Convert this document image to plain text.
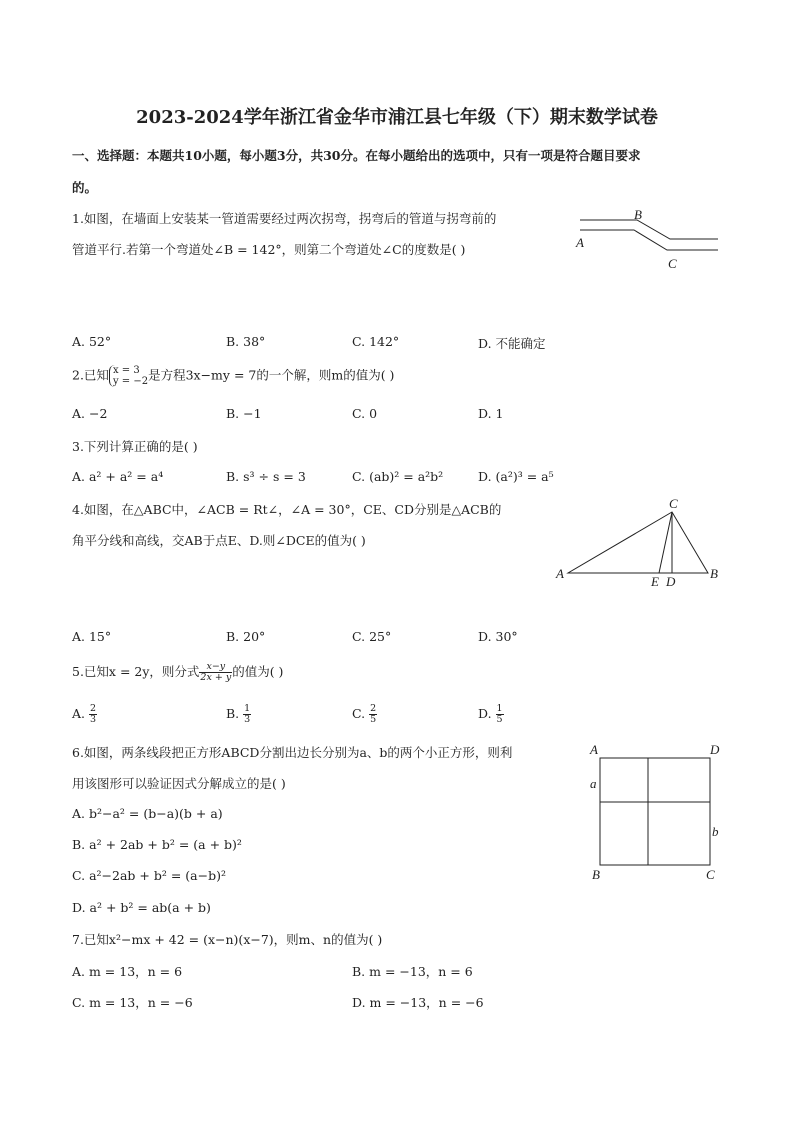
2023-2024学年浙江省金华市浦江县七年级（下）期末数学试卷
一、选择题：本题共10小题，每小题3分，共30分。在每小题给出的选项中，只有一项是符合题目要求
的。
1.如图，在墙面上安装某一管道需要经过两次拐弯，拐弯后的管道与拐弯前的
管道平行.若第一个弯道处∠B = 142°，则第二个弯道处∠C的度数是( )	A
B
C
A. 52°	B. 38°	C. 142°	D. 不能确定
2.已知 x = 3
y = −2 是方程3x−my = 7的一个解，则m的值为( )
A. −2	B. −1	C. 0	D. 1
3.下列计算正确的是( )
A. a² + a² = a⁴	B. s³ ÷ s = 3	C. (ab)² = a²b²	D. (a²)³ = a⁵
4.如图，在△ABC中，∠ACB = Rt∠，∠A = 30°，CE、CD分别是△ACB的
角平分线和高线，交AB于点E、D.则∠DCE的值为( )
A	B
C
E D
A. 15°	B. 20°	C. 25°	D. 30°
5.已知x = 2y，则分式 $\frac{x-y}{2x + y}$ 的值为( )
A. $\frac{2}{3}$	B. $\frac{1}{3}$	C. $\frac{2}{5}$	D. $\frac{1}{5}$
6.如图，两条线段把正方形ABCD分割出边长分别为a、b的两个小正方形，则利
用该图形可以验证因式分解成立的是( )
A	D
B	C
a
b
A. b²−a² = (b−a)(b + a)
B. a² + 2ab + b² = (a + b)²
C. a²−2ab + b² = (a−b)²
D. a² + b² = ab(a + b)
7.已知x²−mx + 42 = (x−n)(x−7)，则m、n的值为( )
A. m = 13，n = 6	B. m = −13，n = 6
C. m = 13，n = −6	D. m = −13，n = −6
